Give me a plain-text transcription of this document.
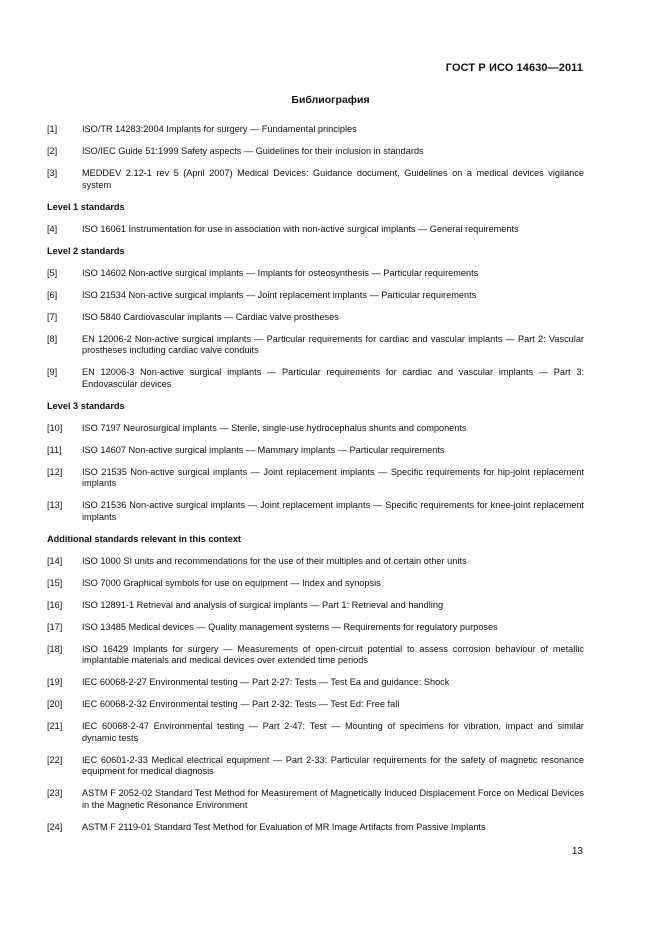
ГОСТ Р ИСО 14630—2011
Библиография
[1]	ISO/TR 14283:2004 Implants for surgery — Fundamental principles
[2]	ISO/IEC Guide 51:1999 Safety aspects — Guidelines for their inclusion in standards
[3]	MEDDEV 2.12-1 rev 5 (April 2007) Medical Devices: Guidance document, Guidelines on a medical devices vigilance system
Level 1 standards
[4]	ISO 16061 Instrumentation for use in association with non-active surgical implants — General requirements
Level 2 standards
[5]	ISO 14602 Non-active surgical implants — Implants for osteosynthesis — Particular requirements
[6]	ISO 21534 Non-active surgical implants — Joint replacement implants — Particular requirements
[7]	ISO 5840 Cardiovascular implants — Cardiac valve prostheses
[8]	EN 12006-2 Non-active surgical implants — Particular requirements for cardiac and vascular implants — Part 2: Vascular prostheses including cardiac valve conduits
[9]	EN 12006-3 Non-active surgical implants — Particular requirements for cardiac and vascular implants — Part 3: Endovascular devices
Level 3 standards
[10]	ISO 7197 Neurosurgical implants — Sterile, single-use hydrocephalus shunts and components
[11]	ISO 14607 Non-active surgical implants — Mammary implants — Particular requirements
[12]	ISO 21535 Non-active surgical implants — Joint replacement implants — Specific requirements for hip-joint replacement implants
[13]	ISO 21536 Non-active surgical implants — Joint replacement implants — Specific requirements for knee-joint replacement implants
Additional standards relevant in this context
[14]	ISO 1000 SI units and recommendations for the use of their multiples and of certain other units
[15]	ISO 7000 Graphical symbols for use on equipment — Index and synopsis
[16]	ISO 12891-1 Retrieval and analysis of surgical implants — Part 1: Retrieval and handling
[17]	ISO 13485 Medical devices — Quality management systems — Requirements for regulatory purposes
[18]	ISO 16429 Implants for surgery — Measurements of open-circuit potential to assess corrosion behaviour of metallic implantable materials and medical devices over extended time periods
[19]	IEC 60068-2-27 Environmental testing — Part 2-27: Tests — Test Ea and guidance: Shock
[20]	IEC 60068-2-32 Environmental testing — Part 2-32: Tests — Test Ed: Free fall
[21]	IEC 60068-2-47 Environmental testing — Part 2-47: Test — Mounting of specimens for vibration, impact and similar dynamic tests
[22]	IEC 60601-2-33 Medical electrical equipment — Part 2-33: Particular requirements for the safety of magnetic resonance equipment for medical diagnosis
[23]	ASTM F 2052-02 Standard Test Method for Measurement of Magnetically Induced Displacement Force on Medical Devices in the Magnetic Resonance Environment
[24]	ASTM F 2119-01 Standard Test Method for Evaluation of MR Image Artifacts from Passive Implants
13
